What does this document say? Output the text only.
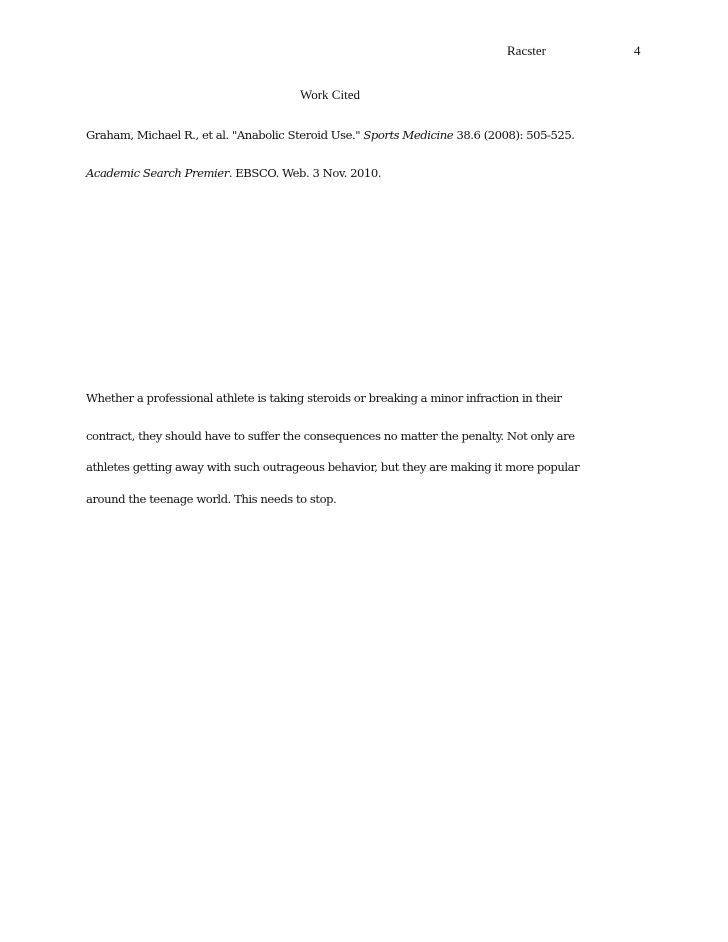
Racster	4
Work Cited
Graham, Michael R., et al. "Anabolic Steroid Use." Sports Medicine 38.6 (2008): 505-525.
Academic Search Premier. EBSCO. Web. 3 Nov. 2010.
Whether a professional athlete is taking steroids or breaking a minor infraction in their
contract, they should have to suffer the consequences no matter the penalty. Not only are
athletes getting away with such outrageous behavior, but they are making it more popular
around the teenage world. This needs to stop.
